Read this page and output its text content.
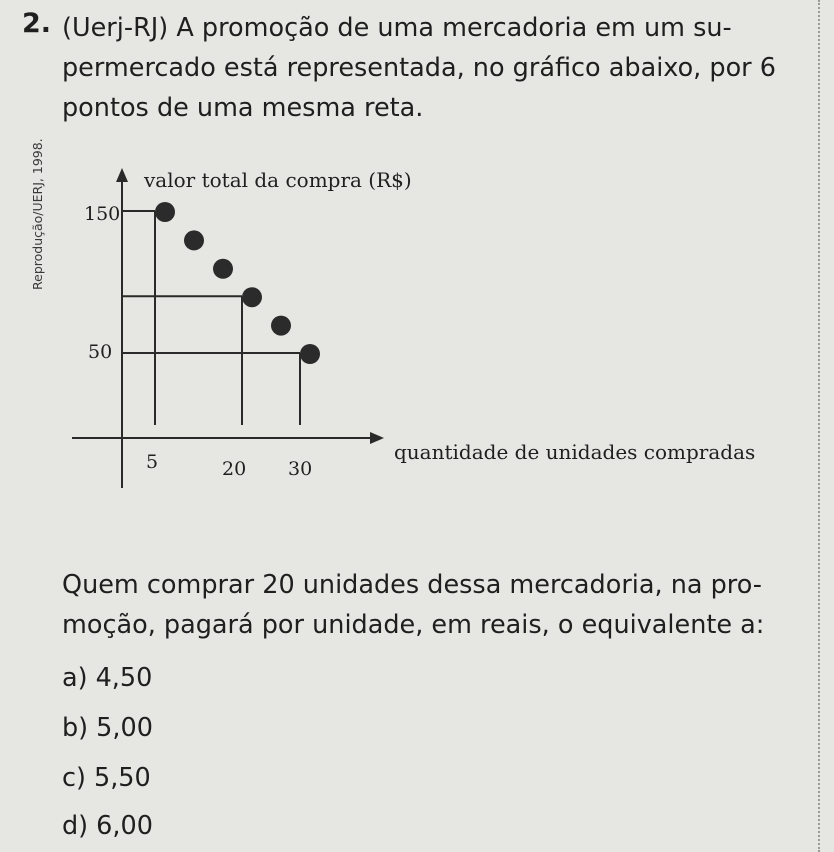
2. (Uerj-RJ) A promoção de uma mercadoria em um su-
permercado está representada, no gráfico abaixo, por 6
pontos de uma mesma reta.

Reprodução/UERJ, 1998.	valor total da compra (R$)
quantidade de unidades compradas
150
50
5	20 30

Quem comprar 20 unidades dessa mercadoria, na pro-
moção, pagará por unidade, em reais, o equivalente a:

a) 4,50
b) 5,00
c) 5,50
d) 6,00
